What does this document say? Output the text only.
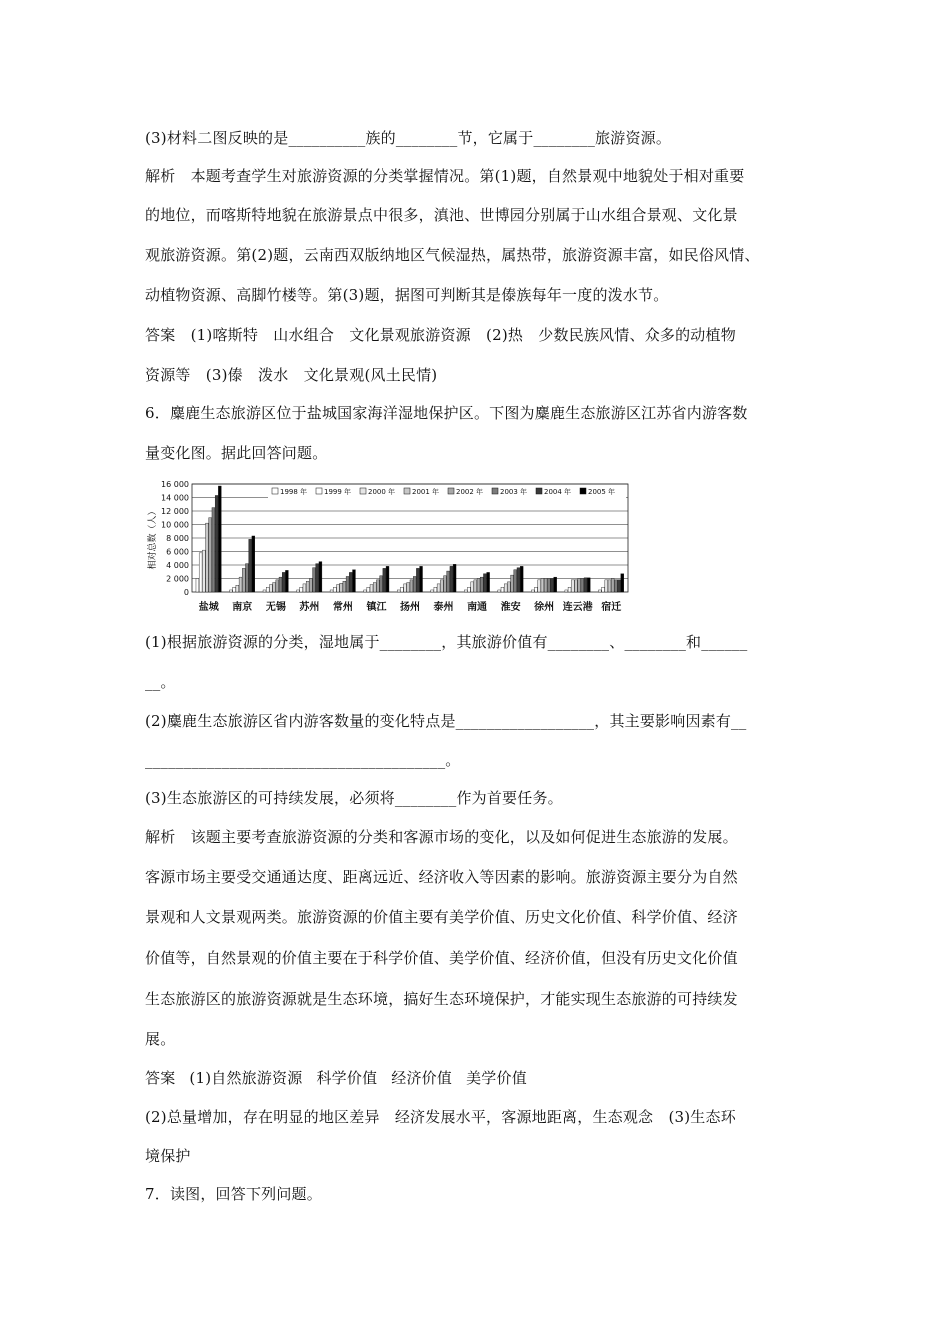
(3)材料二图反映的是__________族的________节，它属于________旅游资源。
解析　本题考查学生对旅游资源的分类掌握情况。第(1)题，自然景观中地貌处于相对重要
的地位，而喀斯特地貌在旅游景点中很多，滇池、世博园分别属于山水组合景观、文化景
观旅游资源。第(2)题，云南西双版纳地区气候湿热，属热带，旅游资源丰富，如民俗风情、
动植物资源、高脚竹楼等。第(3)题，据图可判断其是傣族每年一度的泼水节。
答案　(1)喀斯特　山水组合　文化景观旅游资源　(2)热　少数民族风情、众多的动植物
资源等　(3)傣　泼水　文化景观(风土民情)
6．麋鹿生态旅游区位于盐城国家海洋湿地保护区。下图为麋鹿生态旅游区江苏省内游客数
量变化图。据此回答问题。
0
2 000
4 000
6 000
8 000
10 000
12 000
14 000
16 000
相对总数（人）
盐城 南京 无锡 苏州 常州 镇江 扬州 泰州 南通 淮安 徐州 连云港 宿迁
1998 年 1999 年 2000 年 2001 年 2002 年 2003 年 2004 年 2005 年
(1)根据旅游资源的分类，湿地属于________，其旅游价值有________、________和______
__。
(2)麋鹿生态旅游区省内游客数量的变化特点是__________________，其主要影响因素有__
_______________________________________。
(3)生态旅游区的可持续发展，必须将________作为首要任务。
解析　该题主要考查旅游资源的分类和客源市场的变化，以及如何促进生态旅游的发展。
客源市场主要受交通通达度、距离远近、经济收入等因素的影响。旅游资源主要分为自然
景观和人文景观两类。旅游资源的价值主要有美学价值、历史文化价值、科学价值、经济
价值等，自然景观的价值主要在于科学价值、美学价值、经济价值，但没有历史文化价值
生态旅游区的旅游资源就是生态环境，搞好生态环境保护，才能实现生态旅游的可持续发
展。
答案 (1)自然旅游资源 科学价值 经济价值 美学价值
(2)总量增加，存在明显的地区差异　经济发展水平，客源地距离，生态观念　(3)生态环
境保护
7．读图，回答下列问题。
